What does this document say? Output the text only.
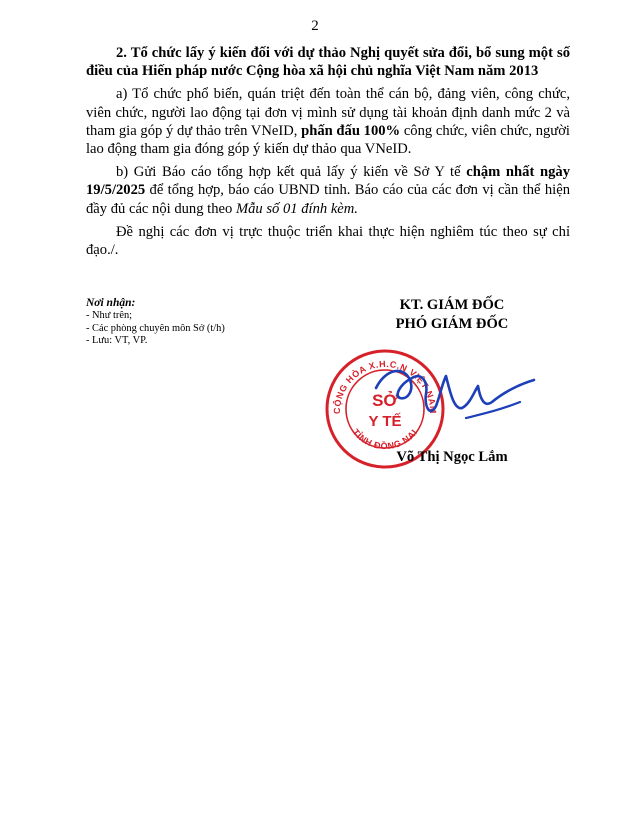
2

2. Tổ chức lấy ý kiến đối với dự thảo Nghị quyết sửa đổi, bổ sung một số điều của Hiến pháp nước Cộng hòa xã hội chủ nghĩa Việt Nam năm 2013

a) Tổ chức phổ biến, quán triệt đến toàn thể cán bộ, đảng viên, công chức, viên chức, người lao động tại đơn vị mình sử dụng tài khoản định danh mức 2 và tham gia góp ý dự thảo trên VNeID, phấn đấu 100% công chức, viên chức, người lao động tham gia đóng góp ý kiến dự thảo qua VNeID.

b) Gửi Báo cáo tổng hợp kết quả lấy ý kiến về Sở Y tế chậm nhất ngày 19/5/2025 để tổng hợp, báo cáo UBND tỉnh. Báo cáo của các đơn vị cần thể hiện đầy đủ các nội dung theo Mẫu số 01 đính kèm.

Đề nghị các đơn vị trực thuộc triển khai thực hiện nghiêm túc theo sự chỉ đạo./.

Nơi nhận:
- Như trên;
- Các phòng chuyên môn Sở (t/h)
- Lưu: VT, VP.
KT. GIÁM ĐỐC
PHÓ GIÁM ĐỐC
CỘNG HÒA X.H.C.N VIỆT NAM
TỈNH ĐỒNG NAI
SỞ
Y TẾ
Võ Thị Ngọc Lắm
